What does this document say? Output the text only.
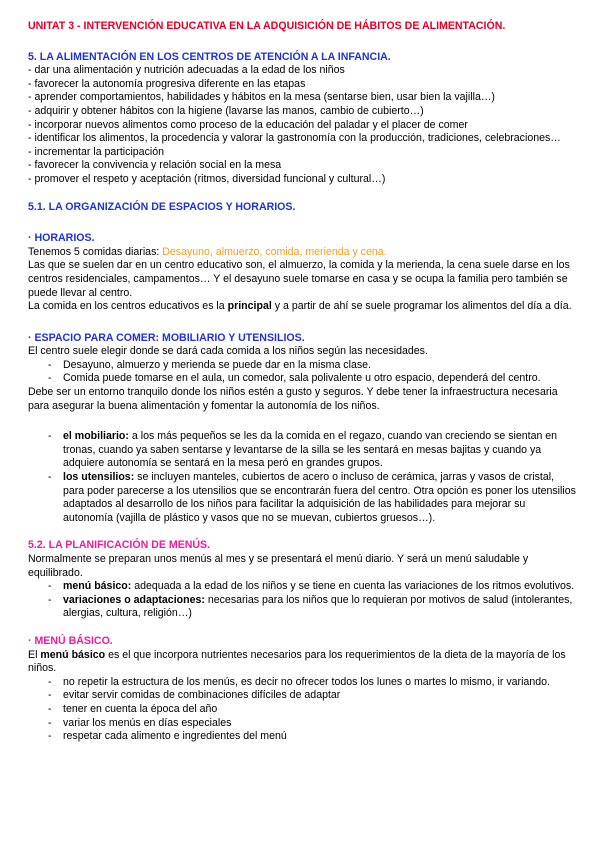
UNITAT 3 - INTERVENCIÓN EDUCATIVA EN LA ADQUISICIÓN DE HÁBITOS DE ALIMENTACIÓN.

5. LA ALIMENTACIÓN EN LOS CENTROS DE ATENCIÓN A LA INFANCIA.

- dar una alimentación y nutrición adecuadas a la edad de los niños

- favorecer la autonomía progresiva diferente en las etapas

- aprender comportamientos, habilidades y hábitos en la mesa (sentarse bien, usar bien la vajilla…)

- adquirir y obtener hábitos con la higiene (lavarse las manos, cambio de cubierto…)

- incorporar nuevos alimentos como proceso de la educación del paladar y el placer de comer

- identificar los alimentos, la procedencia y valorar la gastronomía con la producción, tradiciones, celebraciones…

- incrementar la participación

- favorecer la convivencia y relación social en la mesa

- promover el respeto y aceptación (ritmos, diversidad funcional y cultural…)

5.1. LA ORGANIZACIÓN DE ESPACIOS Y HORARIOS.

· HORARIOS.

Tenemos 5 comidas diarias: Desayuno, almuerzo, comida, merienda y cena.

Las que se suelen dar en un centro educativo son, el almuerzo, la comida y la merienda, la cena suele darse en los centros residenciales, campamentos… Y el desayuno suele tomarse en casa y se ocupa la familia pero también se puede llevar al centro.

La comida en los centros educativos es la principal y a partir de ahí se suele programar los alimentos del día a día.

· ESPACIO PARA COMER: MOBILIARIO Y UTENSILIOS.

El centro suele elegir donde se dará cada comida a los niños según las necesidades.

- Desayuno, almuerzo y merienda se puede dar en la misma clase.
- Comida puede tomarse en el aula, un comedor, sala polivalente u otro espacio, dependerá del centro.

Debe ser un entorno tranquilo donde los niños estén a gusto y seguros. Y debe tener la infraestructura necesaria para asegurar la buena alimentación y fomentar la autonomía de los niños.

- el mobiliario: a los más pequeños se les da la comida en el regazo, cuando van creciendo se sientan en tronas, cuando ya saben sentarse y levantarse de la silla se les sentará en mesas bajitas y cuando ya adquiere autonomía se sentará en la mesa peró en grandes grupos.
- los utensilios: se incluyen manteles, cubiertos de acero o incluso de cerámica, jarras y vasos de cristal, para poder parecerse a los utensilios que se encontrarán fuera del centro. Otra opción es poner los utensilios adaptados al desarrollo de los niños para facilitar la adquisición de las habilidades para mejorar su autonomía (vajilla de plástico y vasos que no se muevan, cubiertos gruesos…).

5.2. LA PLANIFICACIÓN DE MENÚS.

Normalmente se preparan unos menús al mes y se presentará el menú diario. Y será un menú saludable y equilibrado.

- menú básico: adequada a la edad de los niños y se tiene en cuenta las variaciones de los ritmos evolutivos.
- variaciones o adaptaciones: necesarias para los niños que lo requieran por motivos de salud (intolerantes, alergias, cultura, religión…)

· MENÚ BÁSICO.

El menú básico es el que incorpora nutrientes necesarios para los requerimientos de la dieta de la mayoría de los niños.

- no repetir la estructura de los menús, es decir no ofrecer todos los lunes o martes lo mismo, ir variando.
- evitar servir comidas de combinaciones difíciles de adaptar
- tener en cuenta la época del año
- variar los menús en días especiales
- respetar cada alimento e ingredientes del menú
